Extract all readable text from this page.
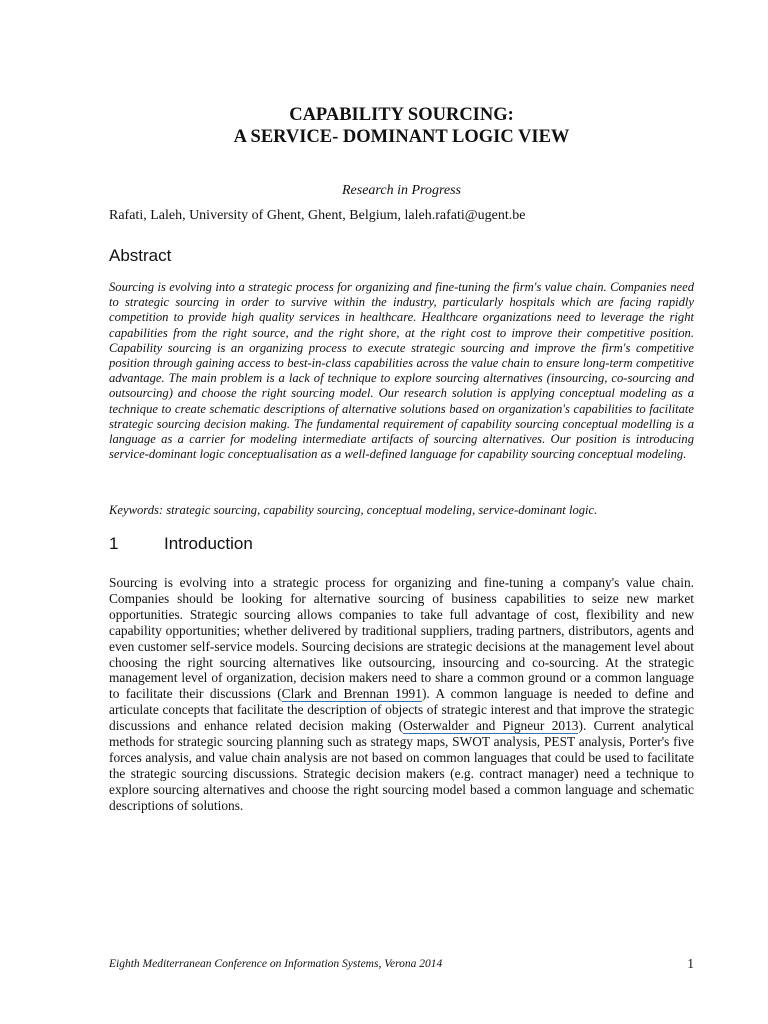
CAPABILITY SOURCING:
A SERVICE- DOMINANT LOGIC VIEW
Research in Progress
Rafati, Laleh, University of Ghent, Ghent, Belgium, laleh.rafati@ugent.be
Abstract
Sourcing is evolving into a strategic process for organizing and fine-tuning the firm's value chain. Companies need to strategic sourcing in order to survive within the industry, particularly hospitals which are facing rapidly competition to provide high quality services in healthcare. Healthcare organizations need to leverage the right capabilities from the right source, and the right shore, at the right cost to improve their competitive position. Capability sourcing is an organizing process to execute strategic sourcing and improve the firm's competitive position through gaining access to best-in-class capabilities across the value chain to ensure long-term competitive advantage. The main problem is a lack of technique to explore sourcing alternatives (insourcing, co-sourcing and outsourcing) and choose the right sourcing model. Our research solution is applying conceptual modeling as a technique to create schematic descriptions of alternative solutions based on organization's capabilities to facilitate strategic sourcing decision making. The fundamental requirement of capability sourcing conceptual modelling is a language as a carrier for modeling intermediate artifacts of sourcing alternatives. Our position is introducing service-dominant logic conceptualisation as a well-defined language for capability sourcing conceptual modeling.
Keywords: strategic sourcing, capability sourcing, conceptual modeling, service-dominant logic.
1	Introduction
Sourcing is evolving into a strategic process for organizing and fine-tuning a company's value chain. Companies should be looking for alternative sourcing of business capabilities to seize new market opportunities. Strategic sourcing allows companies to take full advantage of cost, flexibility and new capability opportunities; whether delivered by traditional suppliers, trading partners, distributors, agents and even customer self-service models. Sourcing decisions are strategic decisions at the management level about choosing the right sourcing alternatives like outsourcing, insourcing and co-sourcing. At the strategic management level of organization, decision makers need to share a common ground or a common language to facilitate their discussions (Clark and Brennan 1991). A common language is needed to define and articulate concepts that facilitate the description of objects of strategic interest and that improve the strategic discussions and enhance related decision making (Osterwalder and Pigneur 2013). Current analytical methods for strategic sourcing planning such as strategy maps, SWOT analysis, PEST analysis, Porter's five forces analysis, and value chain analysis are not based on common languages that could be used to facilitate the strategic sourcing discussions. Strategic decision makers (e.g. contract manager) need a technique to explore sourcing alternatives and choose the right sourcing model based a common language and schematic descriptions of solutions.
Eighth Mediterranean Conference on Information Systems, Verona 2014	1
